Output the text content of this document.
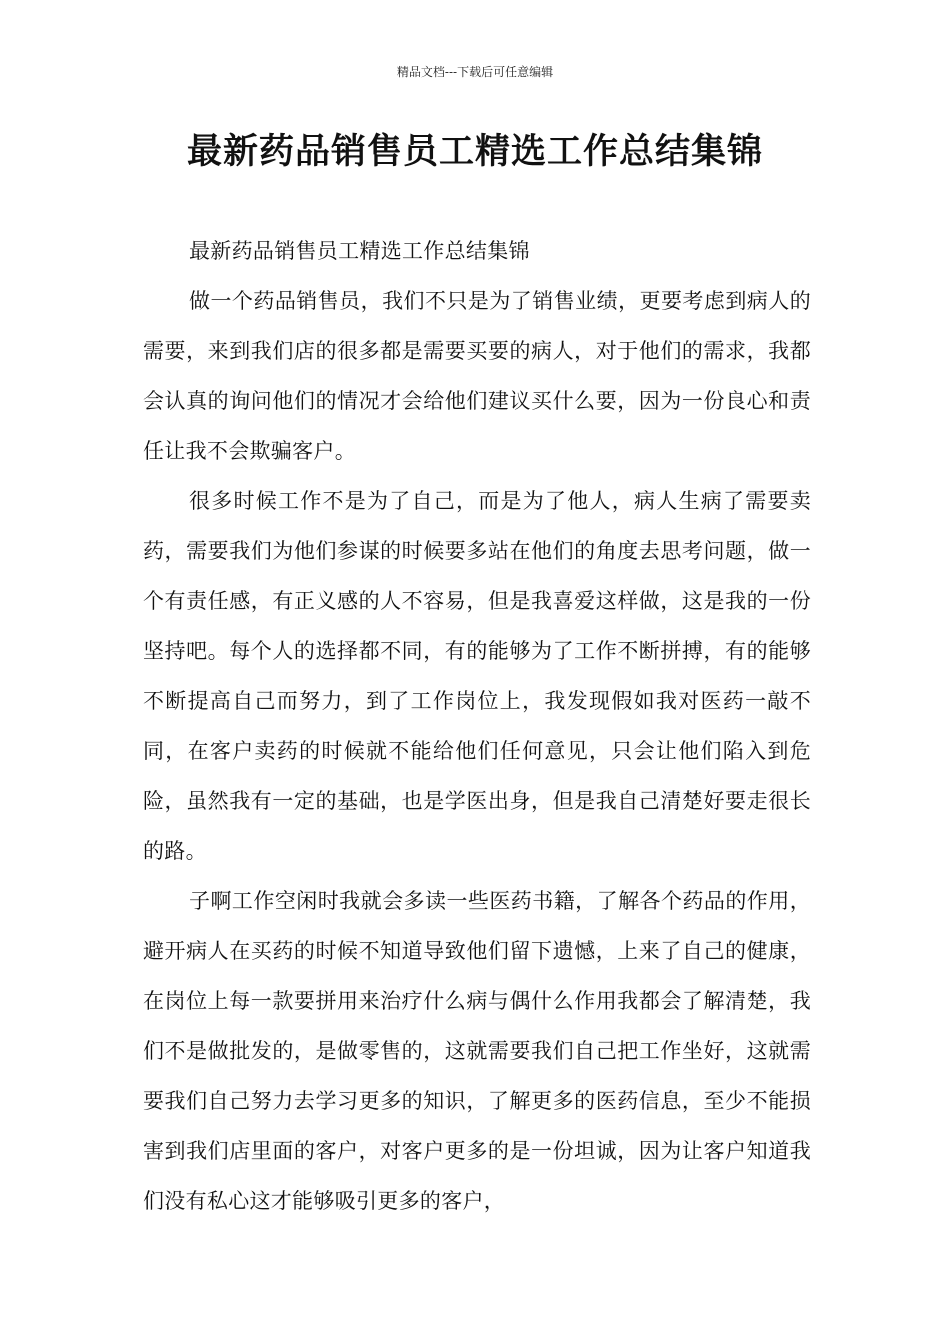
精品文档---下载后可任意编辑
最新药品销售员工精选工作总结集锦

最新药品销售员工精选工作总结集锦

做一个药品销售员，我们不只是为了销售业绩，更要考虑到病人的需要，来到我们店的很多都是需要买要的病人，对于他们的需求，我都会认真的询问他们的情况才会给他们建议买什么要，因为一份良心和责任让我不会欺骗客户。

很多时候工作不是为了自己，而是为了他人，病人生病了需要卖药，需要我们为他们参谋的时候要多站在他们的角度去思考问题，做一个有责任感，有正义感的人不容易，但是我喜爱这样做，这是我的一份坚持吧。每个人的选择都不同，有的能够为了工作不断拼搏，有的能够不断提高自己而努力，到了工作岗位上，我发现假如我对医药一敲不同，在客户卖药的时候就不能给他们任何意见，只会让他们陷入到危险，虽然我有一定的基础，也是学医出身，但是我自己清楚好要走很长的路。

子啊工作空闲时我就会多读一些医药书籍，了解各个药品的作用，避开病人在买药的时候不知道导致他们留下遗憾，上来了自己的健康，在岗位上每一款要拼用来治疗什么病与偶什么作用我都会了解清楚，我们不是做批发的，是做零售的，这就需要我们自己把工作坐好，这就需要我们自己努力去学习更多的知识，了解更多的医药信息，至少不能损害到我们店里面的客户，对客户更多的是一份坦诚，因为让客户知道我们没有私心这才能够吸引更多的客户，
